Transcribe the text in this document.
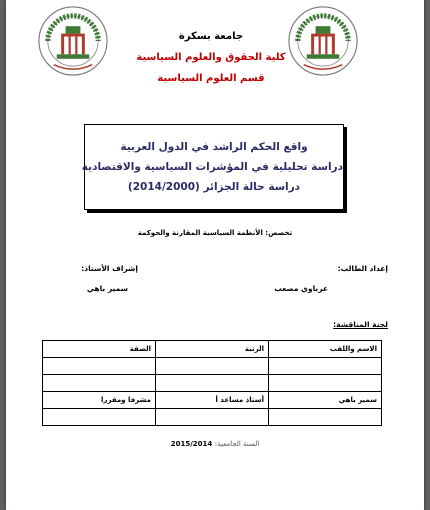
جامعة بسكرة
كلية الحقوق والعلوم السياسية
قسم العلوم السياسية
واقع الحكم الراشد في الدول العربية
دراسة تحليلية في المؤشرات السياسية والاقتصادية
دراسة حالة الجزائر (2014/2000)
تخصص: الأنظمة السياسية المقارنة والحوكمة
إعداد الطالب:
عرباوي مصعب
إشراف الأستاذ:
سمير باهي
لجنة المناقشة:
الاسم واللقب	الرتبة	الصفة

سمير باهي	أستاذ مساعد أ	مشرفا ومقررا

السنة الجامعية: 2015/2014
